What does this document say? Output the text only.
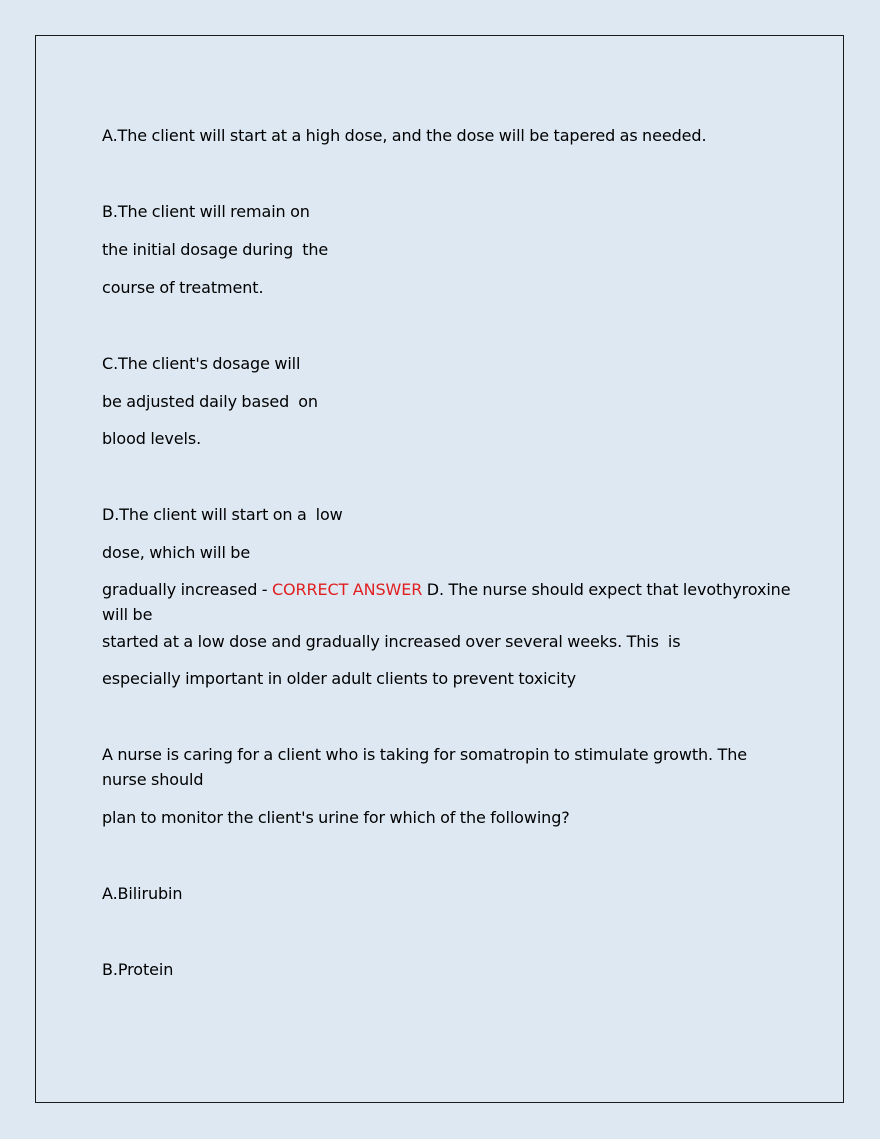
A.The client will start at a high dose, and the dose will be tapered as needed.
B.The client will remain on
the initial dosage during  the
course of treatment.
C.The client's dosage will
be adjusted daily based  on
blood levels.
D.The client will start on a  low
dose, which will be
gradually increased - CORRECT ANSWER D. The nurse should expect that levothyroxine will be
started at a low dose and gradually increased over several weeks. This  is
especially important in older adult clients to prevent toxicity
A nurse is caring for a client who is taking for somatropin to stimulate growth. The nurse should
plan to monitor the client's urine for which of the following?
A.Bilirubin
B.Protein
